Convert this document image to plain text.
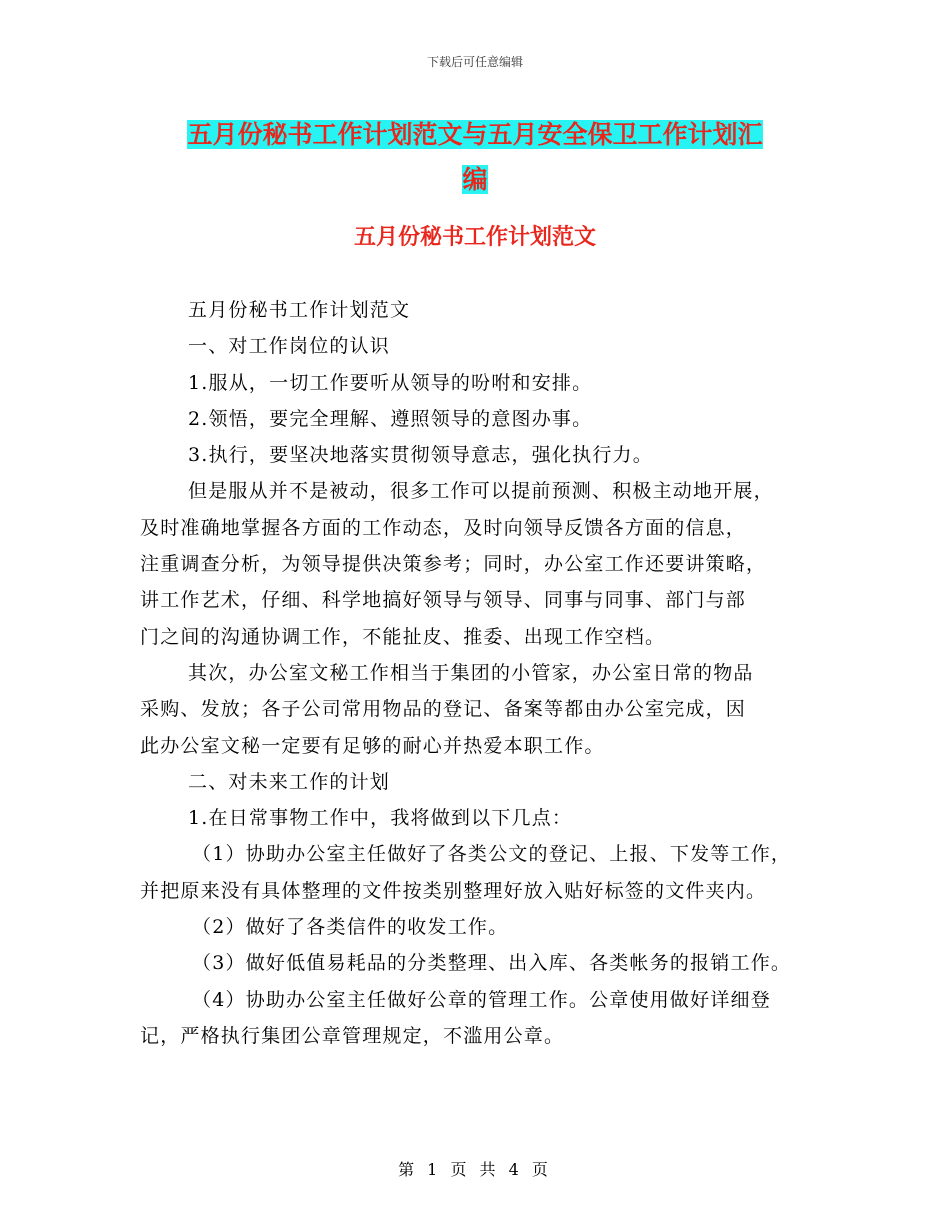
下载后可任意编辑
五月份秘书工作计划范文与五月安全保卫工作计划汇
编
五月份秘书工作计划范文
五月份秘书工作计划范文
一、对工作岗位的认识
1.服从，一切工作要听从领导的吩咐和安排。
2.领悟，要完全理解、遵照领导的意图办事。
3.执行，要坚决地落实贯彻领导意志，强化执行力。
但是服从并不是被动，很多工作可以提前预测、积极主动地开展，
及时准确地掌握各方面的工作动态，及时向领导反馈各方面的信息，
注重调查分析，为领导提供决策参考；同时，办公室工作还要讲策略，
讲工作艺术，仔细、科学地搞好领导与领导、同事与同事、部门与部
门之间的沟通协调工作，不能扯皮、推委、出现工作空档。
其次，办公室文秘工作相当于集团的小管家，办公室日常的物品
采购、发放；各子公司常用物品的登记、备案等都由办公室完成，因
此办公室文秘一定要有足够的耐心并热爱本职工作。
二、对未来工作的计划
1.在日常事物工作中，我将做到以下几点：
（1）协助办公室主任做好了各类公文的登记、上报、下发等工作，
并把原来没有具体整理的文件按类别整理好放入贴好标签的文件夹内。
（2）做好了各类信件的收发工作。
（3）做好低值易耗品的分类整理、出入库、各类帐务的报销工作。
（4）协助办公室主任做好公章的管理工作。公章使用做好详细登
记，严格执行集团公章管理规定，不滥用公章。
第 1 页 共 4 页
